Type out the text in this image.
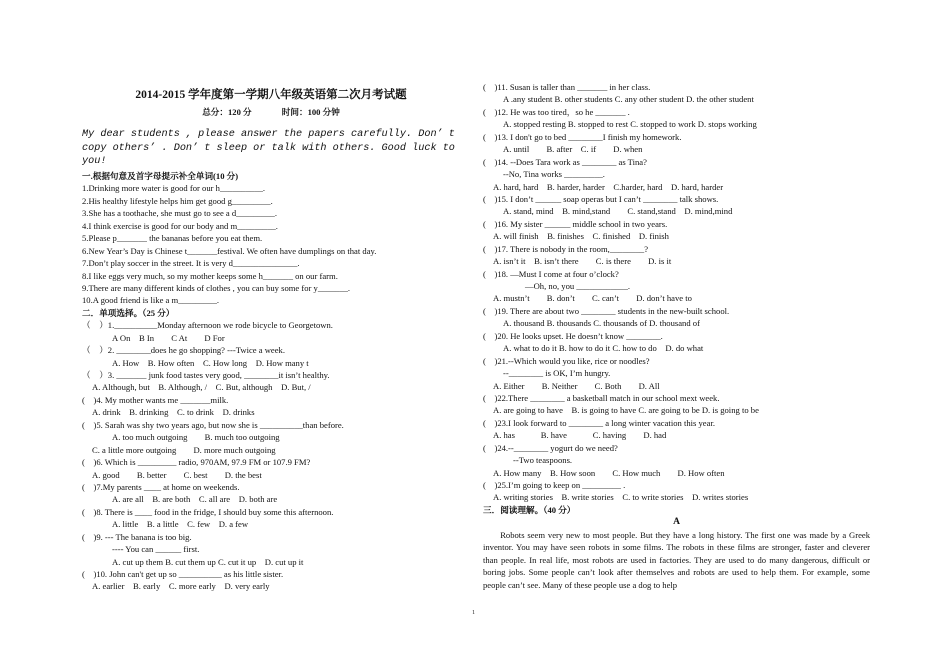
2014-2015 学年度第一学期八年级英语第二次月考试题
总分：120 分	时间：100 分钟
My dear students , please answer the papers carefully. Don’ t
copy others’ . Don’ t sleep or talk with others. Good luck to you!
一.根据句意及首字母提示补全单词(10 分)
1.Drinking more water is good for our h__________.
2.His healthy lifestyle helps him get good g_________.
3.She has a toothache, she must go to see a d_________.
4.I think exercise is good for our body and m_________.
5.Please p_______ the bananas before you eat them.
6.New Year’s Day is Chinese t_______festival. We often have dumplings on that day.
7.Don’t play soccer in the street. It is very d_______________.
8.I like eggs very much, so my mother keeps some h_______ on our farm.
9.There are many different kinds of clothes , you can buy some for y_______.
10.A good friend is like a m_________.
二．单项选择。（25 分）
（　）1.__________Monday afternoon we rode bicycle to Georgetown.
A On　B In　　C At　　D For
（　）2. ________does he go shopping? ---Twice a week.
A. How　B. How often　C. How long　D. How many t
（　）3. _______ junk food tastes very good, ________it isn’t healthy.
A. Although, but　B. Although, /　C. But, although　D. But, /
(　)4. My mother wants me _______milk.
A. drink　B. drinking　C. to drink　D. drinks
(　)5. Sarah was shy two years ago, but now she is __________than before.
A. too much outgoing　　B. much too outgoing
C. a little more outgoing　　D. more much outgoing
(　)6. Which is _________ radio, 970AM, 97.9 FM or 107.9 FM?
A. good　　B. better　　C. best　　D. the best
(　)7.My parents ____ at home on weekends.
A. are all　B. are both　C. all are　D. both are
(　)8. There is ____ food in the fridge, I should buy some this afternoon.
A. little　B. a little　C. few　D. a few
(　)9. --- The banana is too big.
---- You can ______ first.
A. cut up them B. cut them up C. cut it up　D. cut up it
(　)10. John can't get up so __________ as his little sister.
A. earlier　B. early　C. more early　D. very early
(　)11. Susan is taller than _______ in her class.
A .any student B. other students C. any other student D. the other student
(　)12. He was too tired，so he _______ .
A. stopped resting B. stopped to rest C. stopped to work D. stops working
(　)13. I don't go to bed ________I finish my homework.
A. until　　B. after　C. if　　D. when
(　)14. --Does Tara work as ________ as Tina?
--No, Tina works _________.
A. hard, hard　B. harder, harder　C.harder, hard　D. hard, harder
(　)15. I don’t ______ soap operas but I can’t ________ talk shows.
A. stand, mind　B. mind,stand　　C. stand,stand　D. mind,mind
(　)16. My sister ______ middle school in two years.
A. will finish　B. finishes　C. finished　D. finish
(　)17. There is nobody in the room,________?
A. isn’t it　B. isn’t there　　C. is there　　D. is it
(　)18. —Must I come at four o’clock?
—Oh, no, you ____________.
A. mustn’t　　B. don’t　　C. can’t　　D. don’t have to
(　)19. There are about two ________ students in the new-built school.
A. thousand B. thousands C. thousands of D. thousand of
(　)20. He looks upset. He doesn’t know ________.
A. what to do it B. how to do it C. how to do　D. do what
(　)21.--Which would you like, rice or noodles?
--________ is OK, I’m hungry.
A. Either　　B. Neither　　C. Both　　D. All
(　)22.There ________ a basketball match in our school mext week.
A. are going to have　B. is going to have C. are going to be D. is going to be
(　)23.I look forward to ________ a long winter vacation this year.
A. has　　　B. have　　　C. having　　D. had
(　)24.--________ yogurt do we need?
--Two teaspoons.
A. How many　B. How soon　　C. How much　　D. How often
(　)25.I’m going to keep on _________ .
A. writing stories　B. write stories　C. to write stories　D. writes stories
三．阅读理解。（40 分）
A
Robots seem very new to most people. But they have a long history. The first one was made by a Greek inventor. You may have seen robots in some films. The robots in these films are stronger, faster and cleverer than people. In real life, most robots are used in factories. They are used to do many dangerous, difficult or boring jobs. Some people can’t look after themselves and robots are used to help them. For example, some people can’t see. Many of these people use a dog to help
1
